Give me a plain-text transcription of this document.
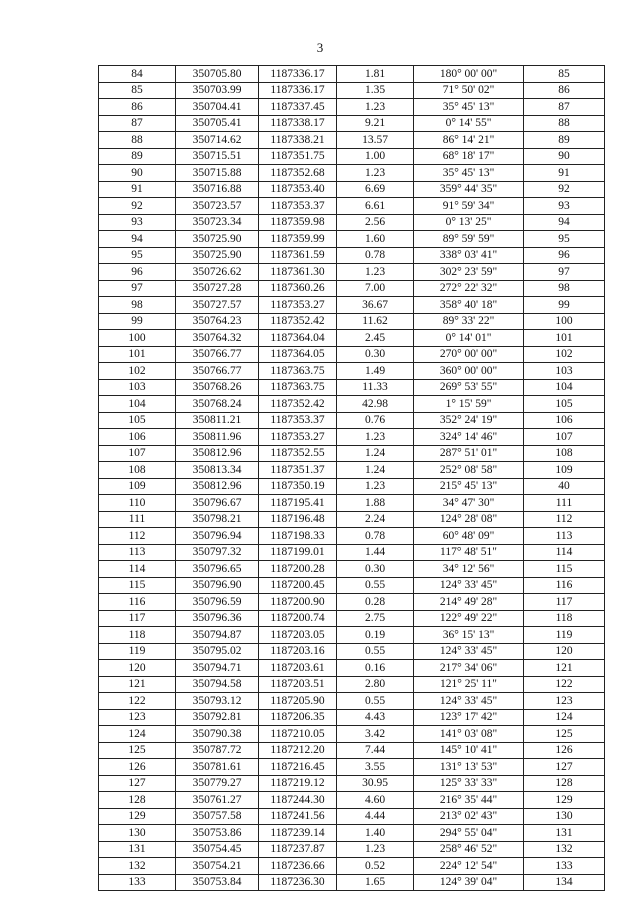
3
84	350705.80	1187336.17	1.81	180° 00' 00"	85
85	350703.99	1187336.17	1.35	71° 50' 02"	86
86	350704.41	1187337.45	1.23	35° 45' 13"	87
87	350705.41	1187338.17	9.21	0° 14' 55"	88
88	350714.62	1187338.21	13.57	86° 14' 21"	89
89	350715.51	1187351.75	1.00	68° 18' 17"	90
90	350715.88	1187352.68	1.23	35° 45' 13"	91
91	350716.88	1187353.40	6.69	359° 44' 35"	92
92	350723.57	1187353.37	6.61	91° 59' 34"	93
93	350723.34	1187359.98	2.56	0° 13' 25"	94
94	350725.90	1187359.99	1.60	89° 59' 59"	95
95	350725.90	1187361.59	0.78	338° 03' 41"	96
96	350726.62	1187361.30	1.23	302° 23' 59"	97
97	350727.28	1187360.26	7.00	272° 22' 32"	98
98	350727.57	1187353.27	36.67	358° 40' 18"	99
99	350764.23	1187352.42	11.62	89° 33' 22"	100
100	350764.32	1187364.04	2.45	0° 14' 01"	101
101	350766.77	1187364.05	0.30	270° 00' 00"	102
102	350766.77	1187363.75	1.49	360° 00' 00"	103
103	350768.26	1187363.75	11.33	269° 53' 55"	104
104	350768.24	1187352.42	42.98	1° 15' 59"	105
105	350811.21	1187353.37	0.76	352° 24' 19"	106
106	350811.96	1187353.27	1.23	324° 14' 46"	107
107	350812.96	1187352.55	1.24	287° 51' 01"	108
108	350813.34	1187351.37	1.24	252° 08' 58"	109
109	350812.96	1187350.19	1.23	215° 45' 13"	40
110	350796.67	1187195.41	1.88	34° 47' 30"	111
111	350798.21	1187196.48	2.24	124° 28' 08"	112
112	350796.94	1187198.33	0.78	60° 48' 09"	113
113	350797.32	1187199.01	1.44	117° 48' 51"	114
114	350796.65	1187200.28	0.30	34° 12' 56"	115
115	350796.90	1187200.45	0.55	124° 33' 45"	116
116	350796.59	1187200.90	0.28	214° 49' 28"	117
117	350796.36	1187200.74	2.75	122° 49' 22"	118
118	350794.87	1187203.05	0.19	36° 15' 13"	119
119	350795.02	1187203.16	0.55	124° 33' 45"	120
120	350794.71	1187203.61	0.16	217° 34' 06"	121
121	350794.58	1187203.51	2.80	121° 25' 11"	122
122	350793.12	1187205.90	0.55	124° 33' 45"	123
123	350792.81	1187206.35	4.43	123° 17' 42"	124
124	350790.38	1187210.05	3.42	141° 03' 08"	125
125	350787.72	1187212.20	7.44	145° 10' 41"	126
126	350781.61	1187216.45	3.55	131° 13' 53"	127
127	350779.27	1187219.12	30.95	125° 33' 33"	128
128	350761.27	1187244.30	4.60	216° 35' 44"	129
129	350757.58	1187241.56	4.44	213° 02' 43"	130
130	350753.86	1187239.14	1.40	294° 55' 04"	131
131	350754.45	1187237.87	1.23	258° 46' 52"	132
132	350754.21	1187236.66	0.52	224° 12' 54"	133
133	350753.84	1187236.30	1.65	124° 39' 04"	134
